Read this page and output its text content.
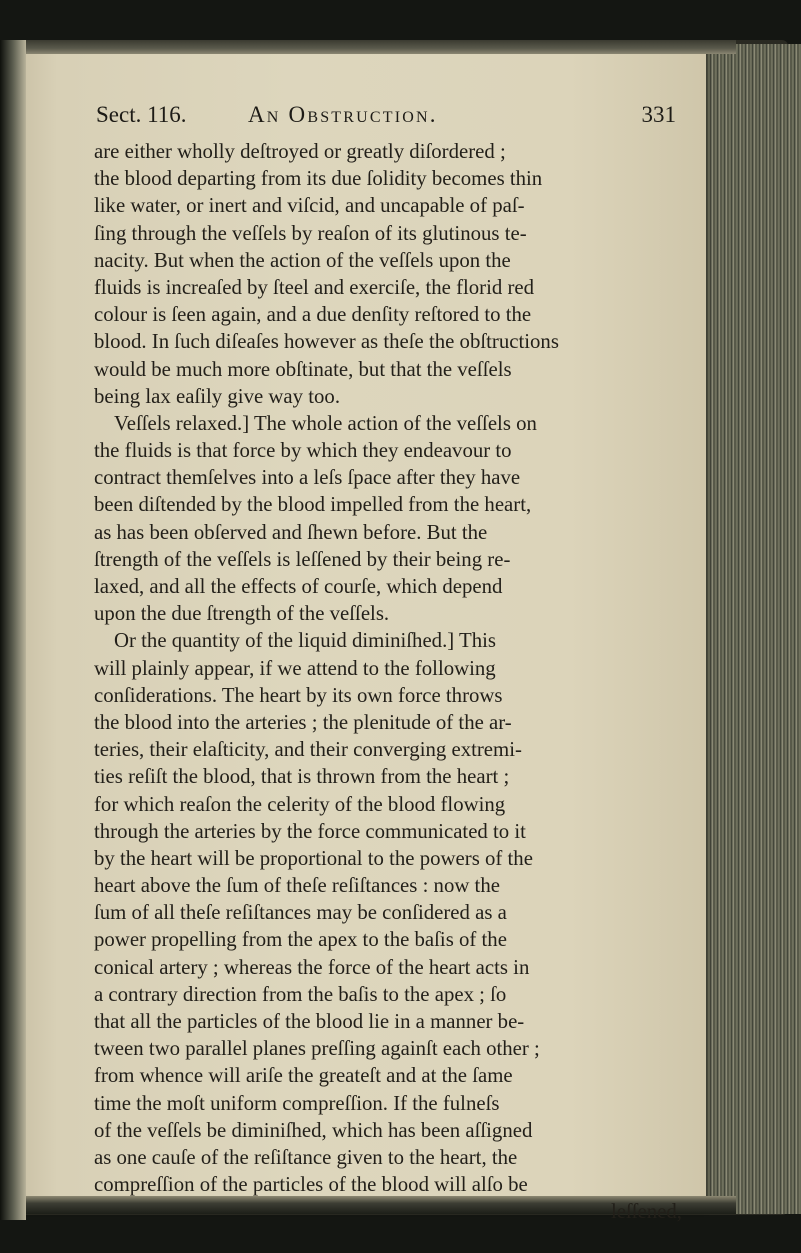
Sect. 116.	An Obstruction.	331
are either wholly deſtroyed or greatly diſordered ;
the blood departing from its due ſolidity becomes thin
like water, or inert and viſcid, and uncapable of paſ-
ſing through the veſſels by reaſon of its glutinous te-
nacity. But when the action of the veſſels upon the
fluids is increaſed by ſteel and exerciſe, the florid red
colour is ſeen again, and a due denſity reſtored to the
blood. In ſuch diſeaſes however as theſe the obſtructions
would be much more obſtinate, but that the veſſels
being lax eaſily give way too.
Veſſels relaxed.] The whole action of the veſſels on
the fluids is that force by which they endeavour to
contract themſelves into a leſs ſpace after they have
been diſtended by the blood impelled from the heart,
as has been obſerved and ſhewn before. But the
ſtrength of the veſſels is leſſened by their being re-
laxed, and all the effects of courſe, which depend
upon the due ſtrength of the veſſels.
Or the quantity of the liquid diminiſhed.] This
will plainly appear, if we attend to the following
conſiderations. The heart by its own force throws
the blood into the arteries ; the plenitude of the ar-
teries, their elaſticity, and their converging extremi-
ties reſiſt the blood, that is thrown from the heart ;
for which reaſon the celerity of the blood flowing
through the arteries by the force communicated to it
by the heart will be proportional to the powers of the
heart above the ſum of theſe reſiſtances : now the
ſum of all theſe reſiſtances may be conſidered as a
power propelling from the apex to the baſis of the
conical artery ; whereas the force of the heart acts in
a contrary direction from the baſis to the apex ; ſo
that all the particles of the blood lie in a manner be-
tween two parallel planes preſſing againſt each other ;
from whence will ariſe the greateſt and at the ſame
time the moſt uniform compreſſion. If the fulneſs
of the veſſels be diminiſhed, which has been aſſigned
as one cauſe of the reſiſtance given to the heart, the
compreſſion of the particles of the blood will alſo be
leſſened,
